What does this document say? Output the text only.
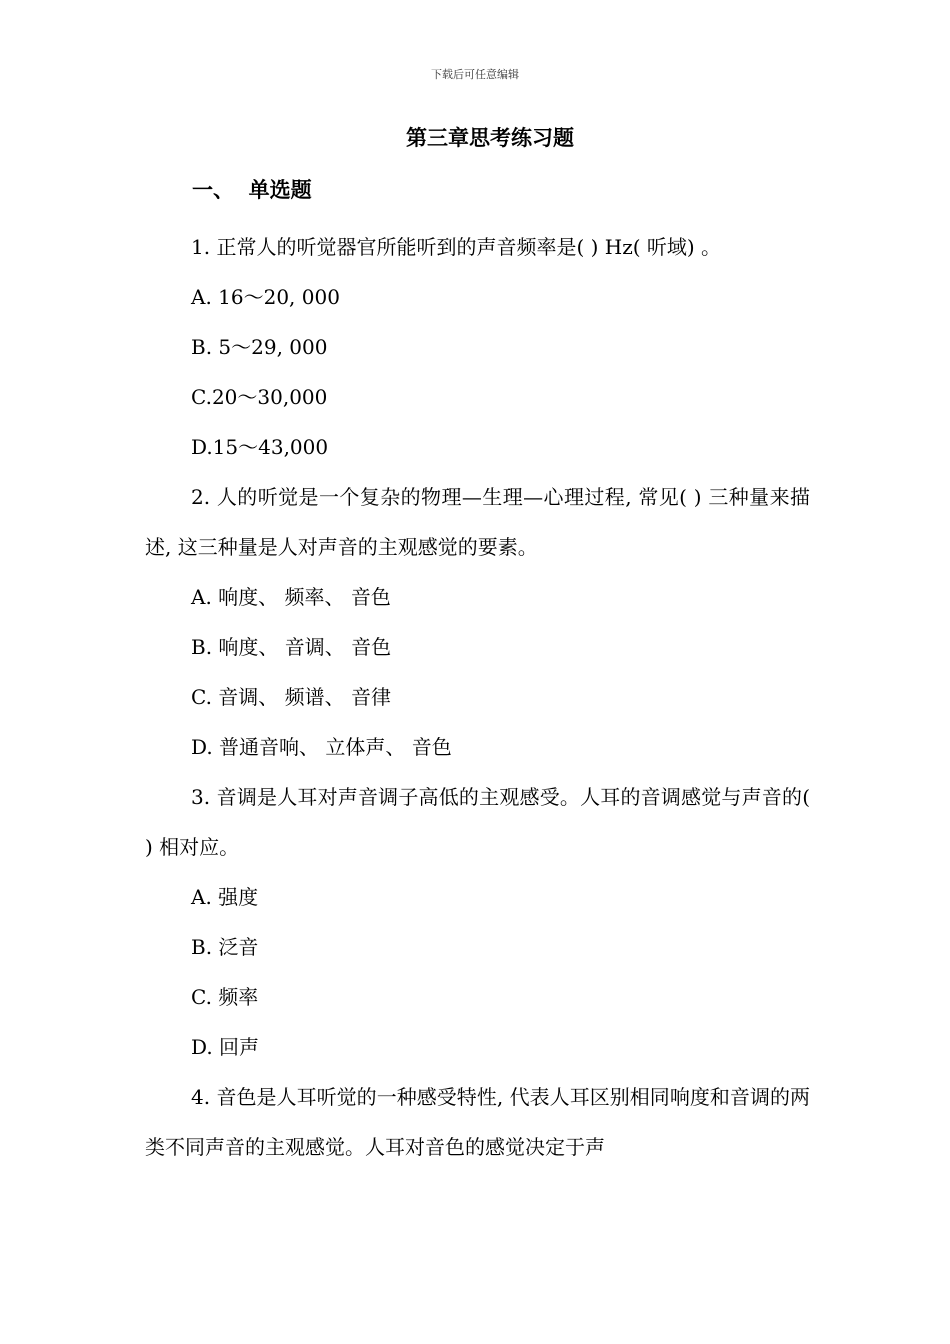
下载后可任意编辑
第三章思考练习题
一、  单选题

1. 正常人的听觉器官所能听到的声音频率是( ) Hz( 听域) 。

A. 16～20, 000

B. 5～29, 000

C.20～30,000

D.15～43,000

2. 人的听觉是一个复杂的物理—生理—心理过程, 常见( ) 三种量来描述, 这三种量是人对声音的主观感觉的要素。

A. 响度、 频率、 音色

B. 响度、 音调、 音色

C. 音调、 频谱、 音律

D. 普通音响、 立体声、 音色

3. 音调是人耳对声音调子高低的主观感受。人耳的音调感觉与声音的( ) 相对应。

A. 强度

B. 泛音

C. 频率

D. 回声

4. 音色是人耳听觉的一种感受特性, 代表人耳区别相同响度和音调的两类不同声音的主观感觉。人耳对音色的感觉决定于声
